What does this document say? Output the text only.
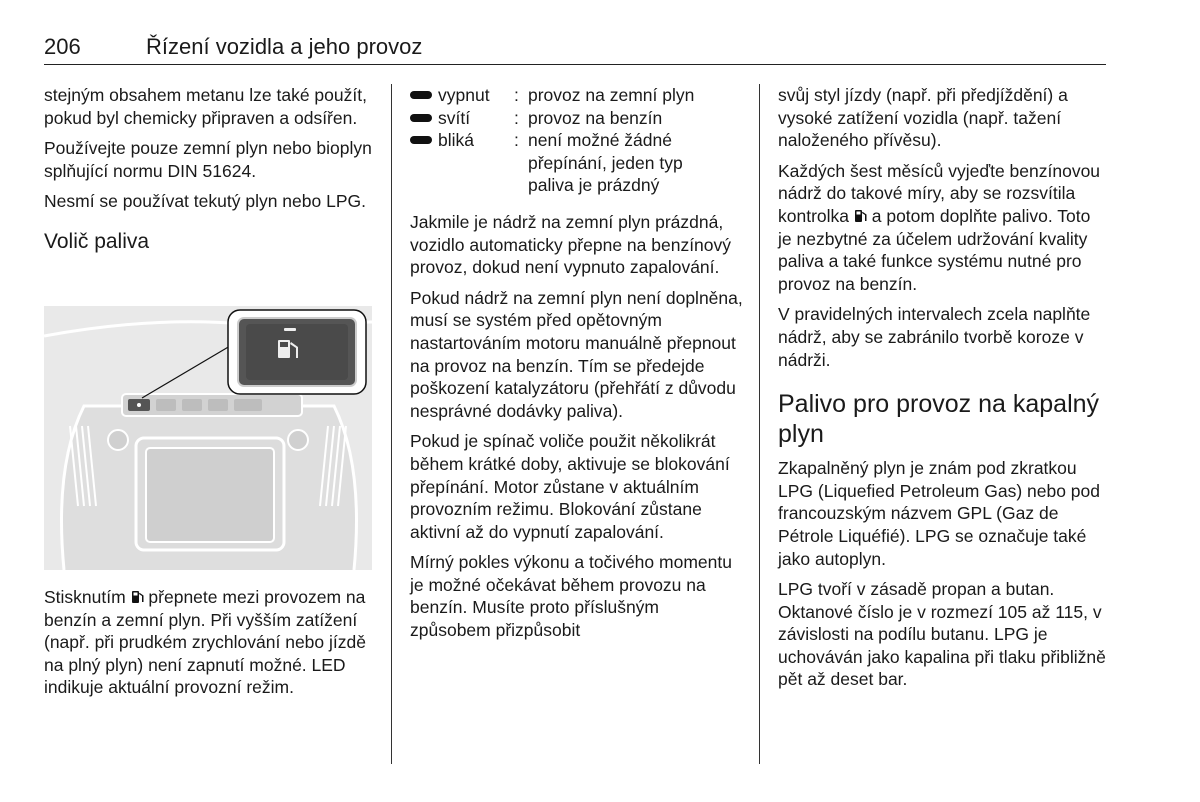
206	Řízení vozidla a jeho provoz

stejným obsahem metanu lze také použít, pokud byl chemicky připraven a odsířen.

Používejte pouze zemní plyn nebo bioplyn splňující normu DIN 51624.

Nesmí se používat tekutý plyn nebo LPG.

Volič paliva

Stisknutím  přepnete mezi provozem na benzín a zemní plyn. Při vyšším zatížení (např. při prudkém zrychlování nebo jízdě na plný plyn) není zapnutí možné. LED indikuje aktuální provozní režim.

vypnut : provoz na zemní plyn
svítí	: provoz na benzín
bliká : není možné žádné přepínání, jeden typ paliva je prázdný

Jakmile je nádrž na zemní plyn prázdná, vozidlo automaticky přepne na benzínový provoz, dokud není vypnuto zapalování.

Pokud nádrž na zemní plyn není doplněna, musí se systém před opětovným nastartováním motoru manuálně přepnout na provoz na benzín. Tím se předejde poškození katalyzátoru (přehřátí z důvodu nesprávné dodávky paliva).

Pokud je spínač voliče použit několikrát během krátké doby, aktivuje se blokování přepínání. Motor zůstane v aktuálním provozním režimu. Blokování zůstane aktivní až do vypnutí zapalování.

Mírný pokles výkonu a točivého momentu je možné očekávat během provozu na benzín. Musíte proto příslušným způsobem přizpůsobit

svůj styl jízdy (např. při předjíždění) a vysoké zatížení vozidla (např. tažení naloženého přívěsu).

Každých šest měsíců vyjeďte benzínovou nádrž do takové míry, aby se rozsvítila kontrolka  a potom doplňte palivo. Toto je nezbytné za účelem udržování kvality paliva a také funkce systému nutné pro provoz na benzín.

V pravidelných intervalech zcela naplňte nádrž, aby se zabránilo tvorbě koroze v nádrži.

Palivo pro provoz na kapalný plyn

Zkapalněný plyn je znám pod zkratkou LPG (Liquefied Petroleum Gas) nebo pod francouzským názvem GPL (Gaz de Pétrole Liquéfié). LPG se označuje také jako autoplyn.

LPG tvoří v zásadě propan a butan. Oktanové číslo je v rozmezí 105 až 115, v závislosti na podílu butanu. LPG je uchováván jako kapalina při tlaku přibližně pět až deset bar.
